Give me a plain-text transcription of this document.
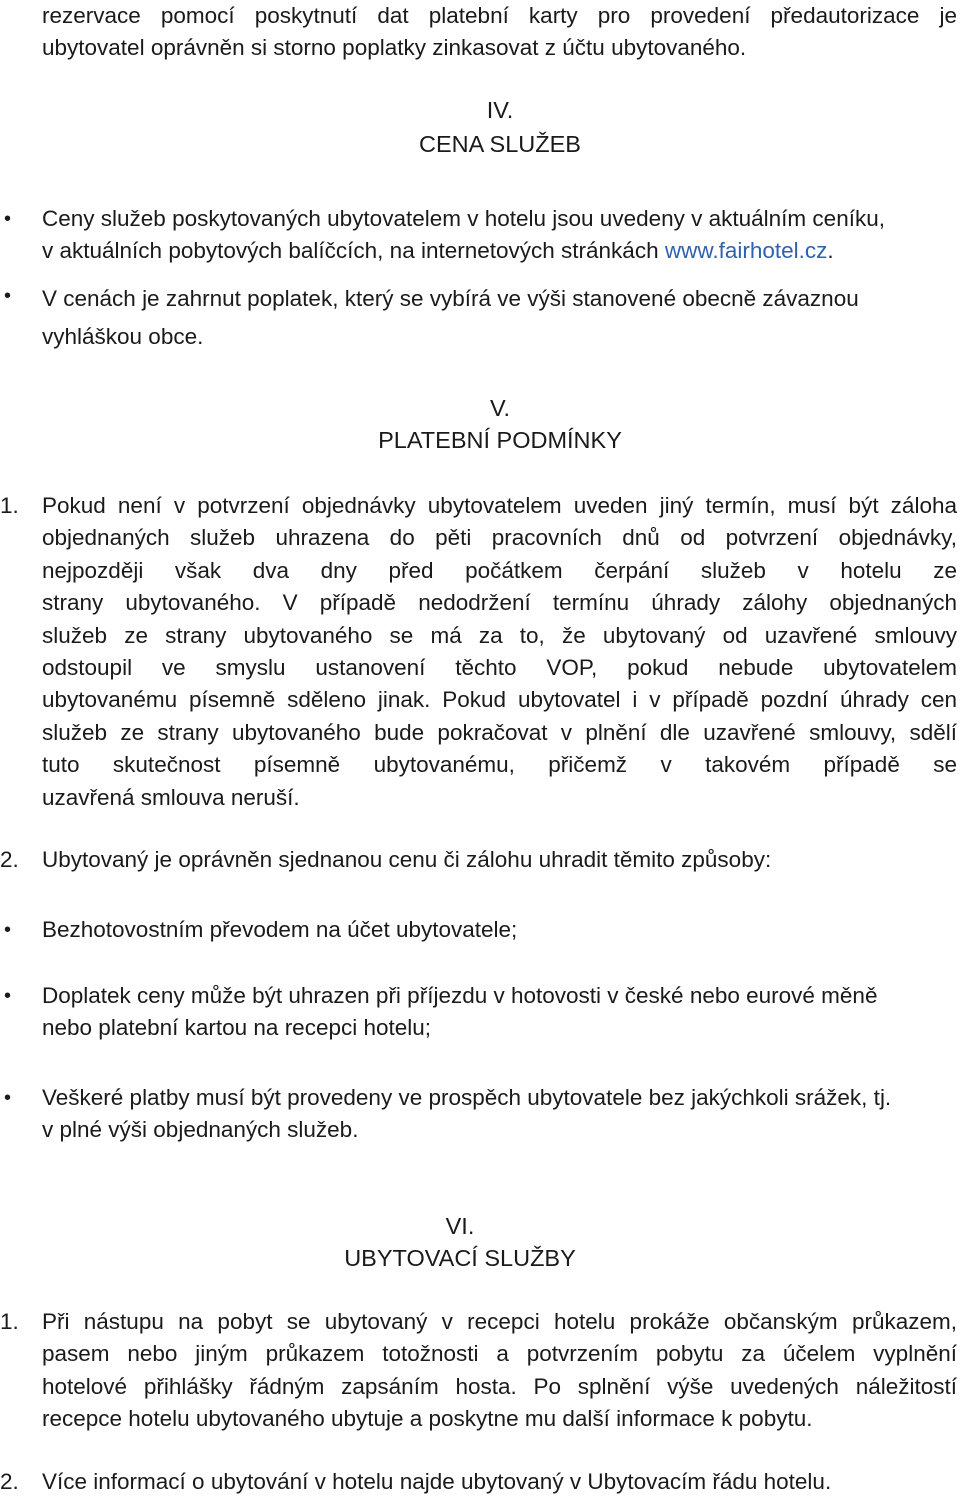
rezervace pomocí poskytnutí dat platební karty pro provedení předautorizace je
ubytovatel oprávněn si storno poplatky zinkasovat z účtu ubytovaného.

IV.
CENA SLUŽEB
• Ceny služeb poskytovaných ubytovatelem v hotelu jsou uvedeny v aktuálním ceníku,
v aktuálních pobytových balíčcích, na internetových stránkách www.fairhotel.cz.
• V cenách je zahrnut poplatek, který se vybírá ve výši stanovené obecně závaznou
vyhláškou obce.
V.
PLATEBNÍ PODMÍNKY
1. Pokud není v potvrzení objednávky ubytovatelem uveden jiný termín, musí být záloha
objednaných služeb uhrazena do pěti pracovních dnů od potvrzení objednávky,
nejpozději však dva dny před počátkem čerpání služeb v hotelu ze
strany ubytovaného. V případě nedodržení termínu úhrady zálohy objednaných
služeb ze strany ubytovaného se má za to, že ubytovaný od uzavřené smlouvy
odstoupil ve smyslu ustanovení těchto VOP, pokud nebude ubytovatelem
ubytovanému písemně sděleno jinak. Pokud ubytovatel i v případě pozdní úhrady cen
služeb ze strany ubytovaného bude pokračovat v plnění dle uzavřené smlouvy, sdělí
tuto skutečnost písemně ubytovanému, přičemž v takovém případě se
uzavřená smlouva neruší.
2. Ubytovaný je oprávněn sjednanou cenu či zálohu uhradit těmito způsoby:
• Bezhotovostním převodem na účet ubytovatele;
• Doplatek ceny může být uhrazen při příjezdu v hotovosti v české nebo eurové měně
nebo platební kartou na recepci hotelu;
• Veškeré platby musí být provedeny ve prospěch ubytovatele bez jakýchkoli srážek, tj.
v plné výši objednaných služeb.
VI.
UBYTOVACÍ SLUŽBY
1. Při nástupu na pobyt se ubytovaný v recepci hotelu prokáže občanským průkazem,
pasem nebo jiným průkazem totožnosti a potvrzením pobytu za účelem vyplnění
hotelové přihlášky řádným zapsáním hosta. Po splnění výše uvedených náležitostí
recepce hotelu ubytovaného ubytuje a poskytne mu další informace k pobytu.
2. Více informací o ubytování v hotelu najde ubytovaný v Ubytovacím řádu hotelu.
